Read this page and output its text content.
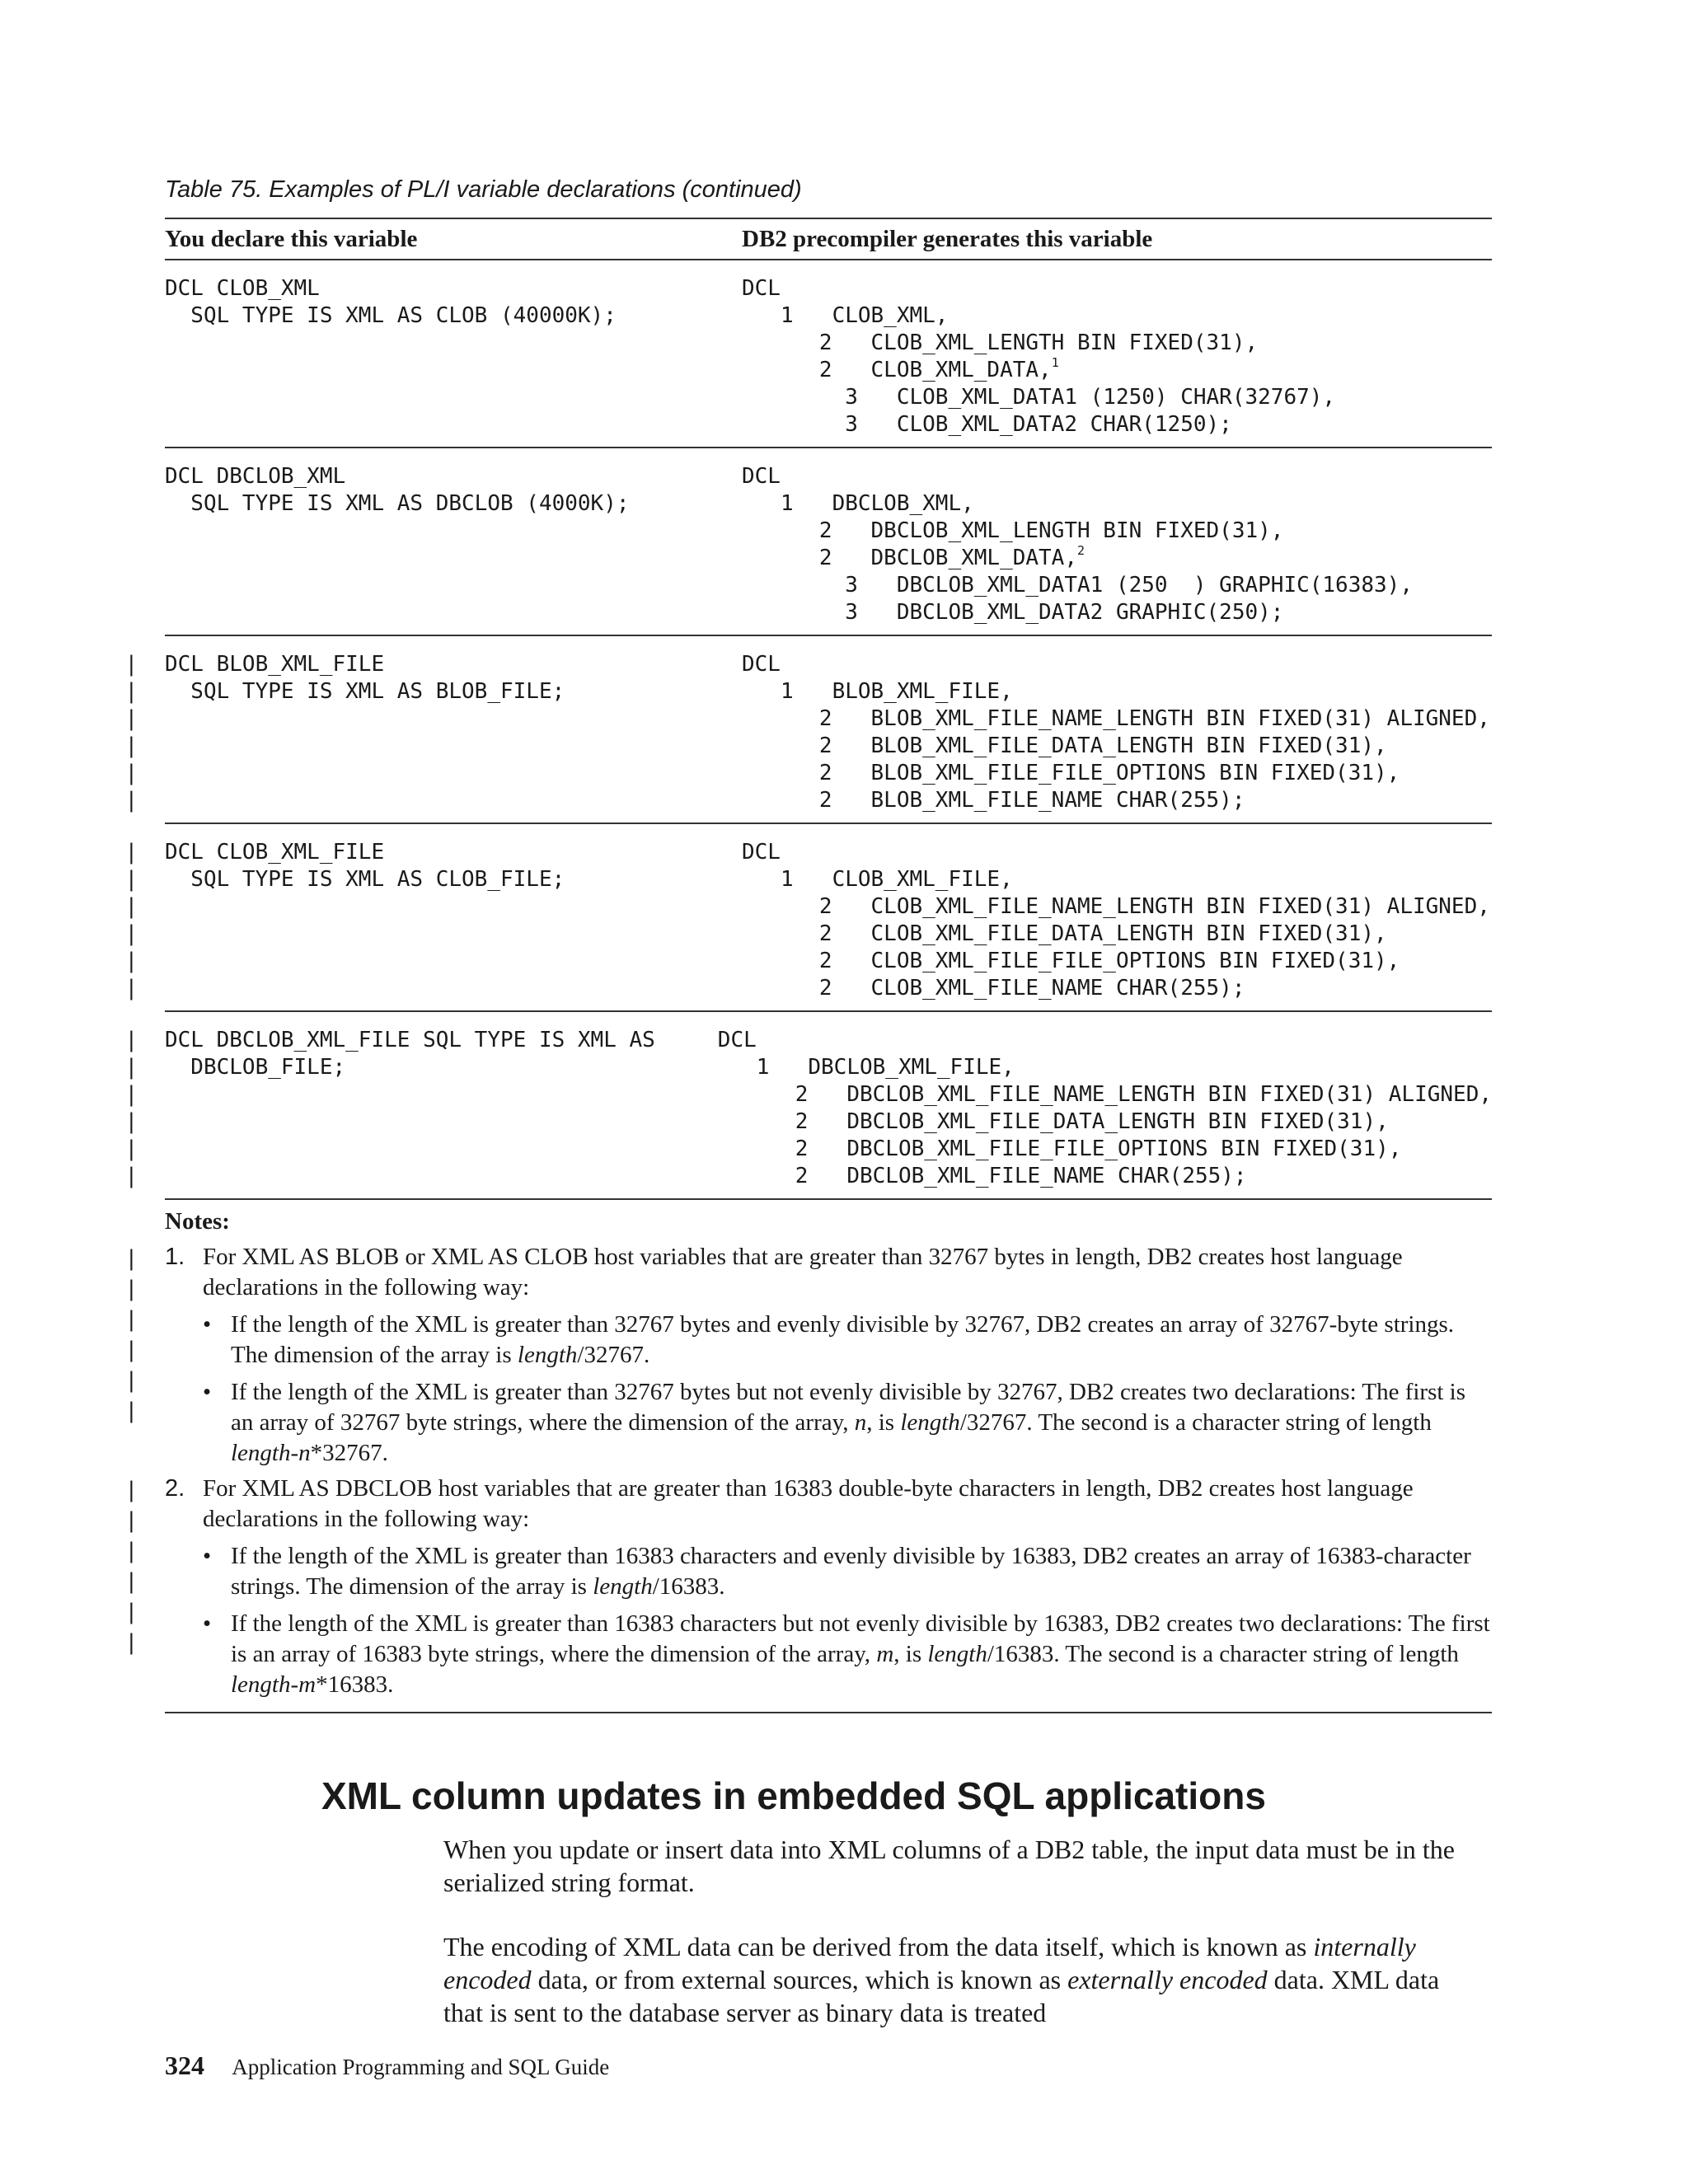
Table 75. Examples of PL/I variable declarations (continued)
You declare this variable	DB2 precompiler generates this variable
DCL CLOB_XML
SQL TYPE IS XML AS CLOB (40000K);
DCL
1   CLOB_XML,
2   CLOB_XML_LENGTH BIN FIXED(31),
2   CLOB_XML_DATA,$^1$
3   CLOB_XML_DATA1 (1250) CHAR(32767),
3   CLOB_XML_DATA2 CHAR(1250);
DCL DBCLOB_XML
SQL TYPE IS XML AS DBCLOB (4000K);
DCL
1   DBCLOB_XML,
2   DBCLOB_XML_LENGTH BIN FIXED(31),
2   DBCLOB_XML_DATA,$^2$
3   DBCLOB_XML_DATA1 (250  ) GRAPHIC(16383),
3   DBCLOB_XML_DATA2 GRAPHIC(250);
DCL BLOB_XML_FILE
SQL TYPE IS XML AS BLOB_FILE;
DCL
1   BLOB_XML_FILE,
2   BLOB_XML_FILE_NAME_LENGTH BIN FIXED(31) ALIGNED,
2   BLOB_XML_FILE_DATA_LENGTH BIN FIXED(31),
2   BLOB_XML_FILE_FILE_OPTIONS BIN FIXED(31),
2   BLOB_XML_FILE_NAME CHAR(255);
|
|
|
|
|
|
DCL CLOB_XML_FILE
SQL TYPE IS XML AS CLOB_FILE;
DCL
1   CLOB_XML_FILE,
2   CLOB_XML_FILE_NAME_LENGTH BIN FIXED(31) ALIGNED,
2   CLOB_XML_FILE_DATA_LENGTH BIN FIXED(31),
2   CLOB_XML_FILE_FILE_OPTIONS BIN FIXED(31),
2   CLOB_XML_FILE_NAME CHAR(255);
|
|
|
|
|
|
DCL DBCLOB_XML_FILE SQL TYPE IS XML AS
DBCLOB_FILE;
DCL
1   DBCLOB_XML_FILE,
2   DBCLOB_XML_FILE_NAME_LENGTH BIN FIXED(31) ALIGNED,
2   DBCLOB_XML_FILE_DATA_LENGTH BIN FIXED(31),
2   DBCLOB_XML_FILE_FILE_OPTIONS BIN FIXED(31),
2   DBCLOB_XML_FILE_NAME CHAR(255);
|
|
|
|
|
|
Notes:
1. For XML AS BLOB or XML AS CLOB host variables that are greater than 32767 bytes in length, DB2 creates host language declarations in the following way:
• If the length of the XML is greater than 32767 bytes and evenly divisible by 32767, DB2 creates an array of 32767-byte strings. The dimension of the array is length/32767.
• If the length of the XML is greater than 32767 bytes but not evenly divisible by 32767, DB2 creates two declarations: The first is an array of 32767 byte strings, where the dimension of the array, n, is length/32767. The second is a character string of length length-n*32767.
2. For XML AS DBCLOB host variables that are greater than 16383 double-byte characters in length, DB2 creates host language declarations in the following way:
• If the length of the XML is greater than 16383 characters and evenly divisible by 16383, DB2 creates an array of 16383-character strings. The dimension of the array is length/16383.
• If the length of the XML is greater than 16383 characters but not evenly divisible by 16383, DB2 creates two declarations: The first is an array of 16383 byte strings, where the dimension of the array, m, is length/16383. The second is a character string of length length-m*16383.
|
|
|
|
|
|
|
|
|
|
|
|
XML column updates in embedded SQL applications
When you update or insert data into XML columns of a DB2 table, the input data must be in the serialized string format.
The encoding of XML data can be derived from the data itself, which is known as internally encoded data, or from external sources, which is known as externally encoded data. XML data that is sent to the database server as binary data is treated
324 Application Programming and SQL Guide
